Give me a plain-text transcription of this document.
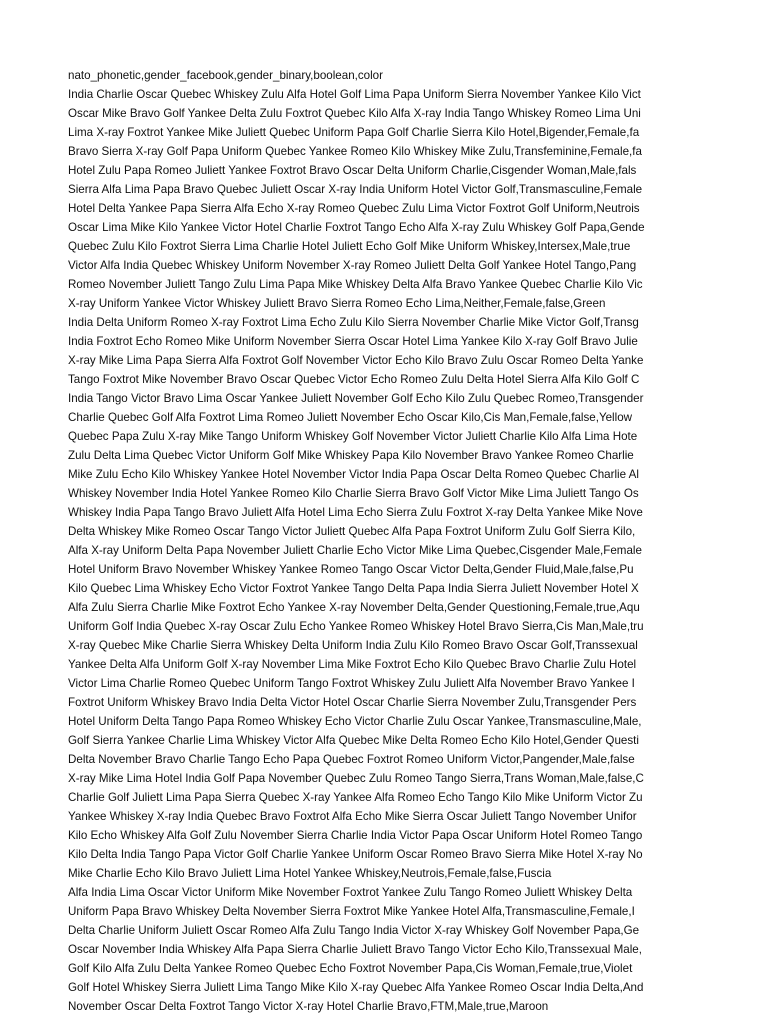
nato_phonetic,gender_facebook,gender_binary,boolean,color
India Charlie Oscar Quebec Whiskey Zulu Alfa Hotel Golf Lima Papa Uniform Sierra November Yankee Kilo Vict
Oscar Mike Bravo Golf Yankee Delta Zulu Foxtrot Quebec Kilo Alfa X-ray India Tango Whiskey Romeo Lima Uni
Lima X-ray Foxtrot Yankee Mike Juliett Quebec Uniform Papa Golf Charlie Sierra Kilo Hotel,Bigender,Female,fa
Bravo Sierra X-ray Golf Papa Uniform Quebec Yankee Romeo Kilo Whiskey Mike Zulu,Transfeminine,Female,fa
Hotel Zulu Papa Romeo Juliett Yankee Foxtrot Bravo Oscar Delta Uniform Charlie,Cisgender Woman,Male,fals
Sierra Alfa Lima Papa Bravo Quebec Juliett Oscar X-ray India Uniform Hotel Victor Golf,Transmasculine,Female
Hotel Delta Yankee Papa Sierra Alfa Echo X-ray Romeo Quebec Zulu Lima Victor Foxtrot Golf Uniform,Neutrois
Oscar Lima Mike Kilo Yankee Victor Hotel Charlie Foxtrot Tango Echo Alfa X-ray Zulu Whiskey Golf Papa,Gende
Quebec Zulu Kilo Foxtrot Sierra Lima Charlie Hotel Juliett Echo Golf Mike Uniform Whiskey,Intersex,Male,true
Victor Alfa India Quebec Whiskey Uniform November X-ray Romeo Juliett Delta Golf Yankee Hotel Tango,Pang
Romeo November Juliett Tango Zulu Lima Papa Mike Whiskey Delta Alfa Bravo Yankee Quebec Charlie Kilo Vic
X-ray Uniform Yankee Victor Whiskey Juliett Bravo Sierra Romeo Echo Lima,Neither,Female,false,Green
India Delta Uniform Romeo X-ray Foxtrot Lima Echo Zulu Kilo Sierra November Charlie Mike Victor Golf,Transg
India Foxtrot Echo Romeo Mike Uniform November Sierra Oscar Hotel Lima Yankee Kilo X-ray Golf Bravo Julie
X-ray Mike Lima Papa Sierra Alfa Foxtrot Golf November Victor Echo Kilo Bravo Zulu Oscar Romeo Delta Yanke
Tango Foxtrot Mike November Bravo Oscar Quebec Victor Echo Romeo Zulu Delta Hotel Sierra Alfa Kilo Golf C
India Tango Victor Bravo Lima Oscar Yankee Juliett November Golf Echo Kilo Zulu Quebec Romeo,Transgender
Charlie Quebec Golf Alfa Foxtrot Lima Romeo Juliett November Echo Oscar Kilo,Cis Man,Female,false,Yellow
Quebec Papa Zulu X-ray Mike Tango Uniform Whiskey Golf November Victor Juliett Charlie Kilo Alfa Lima Hote
Zulu Delta Lima Quebec Victor Uniform Golf Mike Whiskey Papa Kilo November Bravo Yankee Romeo Charlie
Mike Zulu Echo Kilo Whiskey Yankee Hotel November Victor India Papa Oscar Delta Romeo Quebec Charlie Al
Whiskey November India Hotel Yankee Romeo Kilo Charlie Sierra Bravo Golf Victor Mike Lima Juliett Tango Os
Whiskey India Papa Tango Bravo Juliett Alfa Hotel Lima Echo Sierra Zulu Foxtrot X-ray Delta Yankee Mike Nove
Delta Whiskey Mike Romeo Oscar Tango Victor Juliett Quebec Alfa Papa Foxtrot Uniform Zulu Golf Sierra Kilo,
Alfa X-ray Uniform Delta Papa November Juliett Charlie Echo Victor Mike Lima Quebec,Cisgender Male,Female
Hotel Uniform Bravo November Whiskey Yankee Romeo Tango Oscar Victor Delta,Gender Fluid,Male,false,Pu
Kilo Quebec Lima Whiskey Echo Victor Foxtrot Yankee Tango Delta Papa India Sierra Juliett November Hotel X
Alfa Zulu Sierra Charlie Mike Foxtrot Echo Yankee X-ray November Delta,Gender Questioning,Female,true,Aqu
Uniform Golf India Quebec X-ray Oscar Zulu Echo Yankee Romeo Whiskey Hotel Bravo Sierra,Cis Man,Male,tru
X-ray Quebec Mike Charlie Sierra Whiskey Delta Uniform India Zulu Kilo Romeo Bravo Oscar Golf,Transsexual
Yankee Delta Alfa Uniform Golf X-ray November Lima Mike Foxtrot Echo Kilo Quebec Bravo Charlie Zulu Hotel
Victor Lima Charlie Romeo Quebec Uniform Tango Foxtrot Whiskey Zulu Juliett Alfa November Bravo Yankee I
Foxtrot Uniform Whiskey Bravo India Delta Victor Hotel Oscar Charlie Sierra November Zulu,Transgender Pers
Hotel Uniform Delta Tango Papa Romeo Whiskey Echo Victor Charlie Zulu Oscar Yankee,Transmasculine,Male,
Golf Sierra Yankee Charlie Lima Whiskey Victor Alfa Quebec Mike Delta Romeo Echo Kilo Hotel,Gender Questi
Delta November Bravo Charlie Tango Echo Papa Quebec Foxtrot Romeo Uniform Victor,Pangender,Male,false
X-ray Mike Lima Hotel India Golf Papa November Quebec Zulu Romeo Tango Sierra,Trans Woman,Male,false,C
Charlie Golf Juliett Lima Papa Sierra Quebec X-ray Yankee Alfa Romeo Echo Tango Kilo Mike Uniform Victor Zu
Yankee Whiskey X-ray India Quebec Bravo Foxtrot Alfa Echo Mike Sierra Oscar Juliett Tango November Unifor
Kilo Echo Whiskey Alfa Golf Zulu November Sierra Charlie India Victor Papa Oscar Uniform Hotel Romeo Tango
Kilo Delta India Tango Papa Victor Golf Charlie Yankee Uniform Oscar Romeo Bravo Sierra Mike Hotel X-ray No
Mike Charlie Echo Kilo Bravo Juliett Lima Hotel Yankee Whiskey,Neutrois,Female,false,Fuscia
Alfa India Lima Oscar Victor Uniform Mike November Foxtrot Yankee Zulu Tango Romeo Juliett Whiskey Delta
Uniform Papa Bravo Whiskey Delta November Sierra Foxtrot Mike Yankee Hotel Alfa,Transmasculine,Female,I
Delta Charlie Uniform Juliett Oscar Romeo Alfa Zulu Tango India Victor X-ray Whiskey Golf November Papa,Ge
Oscar November India Whiskey Alfa Papa Sierra Charlie Juliett Bravo Tango Victor Echo Kilo,Transsexual Male,
Golf Kilo Alfa Zulu Delta Yankee Romeo Quebec Echo Foxtrot November Papa,Cis Woman,Female,true,Violet
Golf Hotel Whiskey Sierra Juliett Lima Tango Mike Kilo X-ray Quebec Alfa Yankee Romeo Oscar India Delta,And
November Oscar Delta Foxtrot Tango Victor X-ray Hotel Charlie Bravo,FTM,Male,true,Maroon
